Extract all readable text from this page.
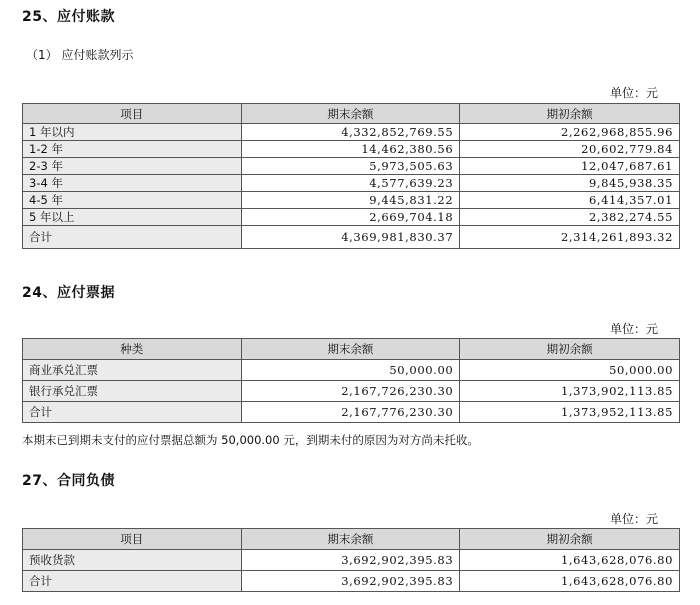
25、应付账款
（1） 应付账款列示
单位：元
项目	期末余额	期初余额
1 年以内	4,332,852,769.55	2,262,968,855.96
1-2 年	14,462,380.56	20,602,779.84
2-3 年	5,973,505.63	12,047,687.61
3-4 年	4,577,639.23	9,845,938.35
4-5 年	9,445,831.22	6,414,357.01
5 年以上	2,669,704.18	2,382,274.55
合计	4,369,981,830.37	2,314,261,893.32
24、应付票据
单位：元
种类	期末余额	期初余额
商业承兑汇票	50,000.00	50,000.00
银行承兑汇票	2,167,726,230.30	1,373,902,113.85
合计	2,167,776,230.30	1,373,952,113.85
本期末已到期未支付的应付票据总额为 50,000.00 元，到期未付的原因为对方尚未托收。
27、合同负债
单位：元
项目	期末余额	期初余额
预收货款	3,692,902,395.83	1,643,628,076.80
合计	3,692,902,395.83	1,643,628,076.80
